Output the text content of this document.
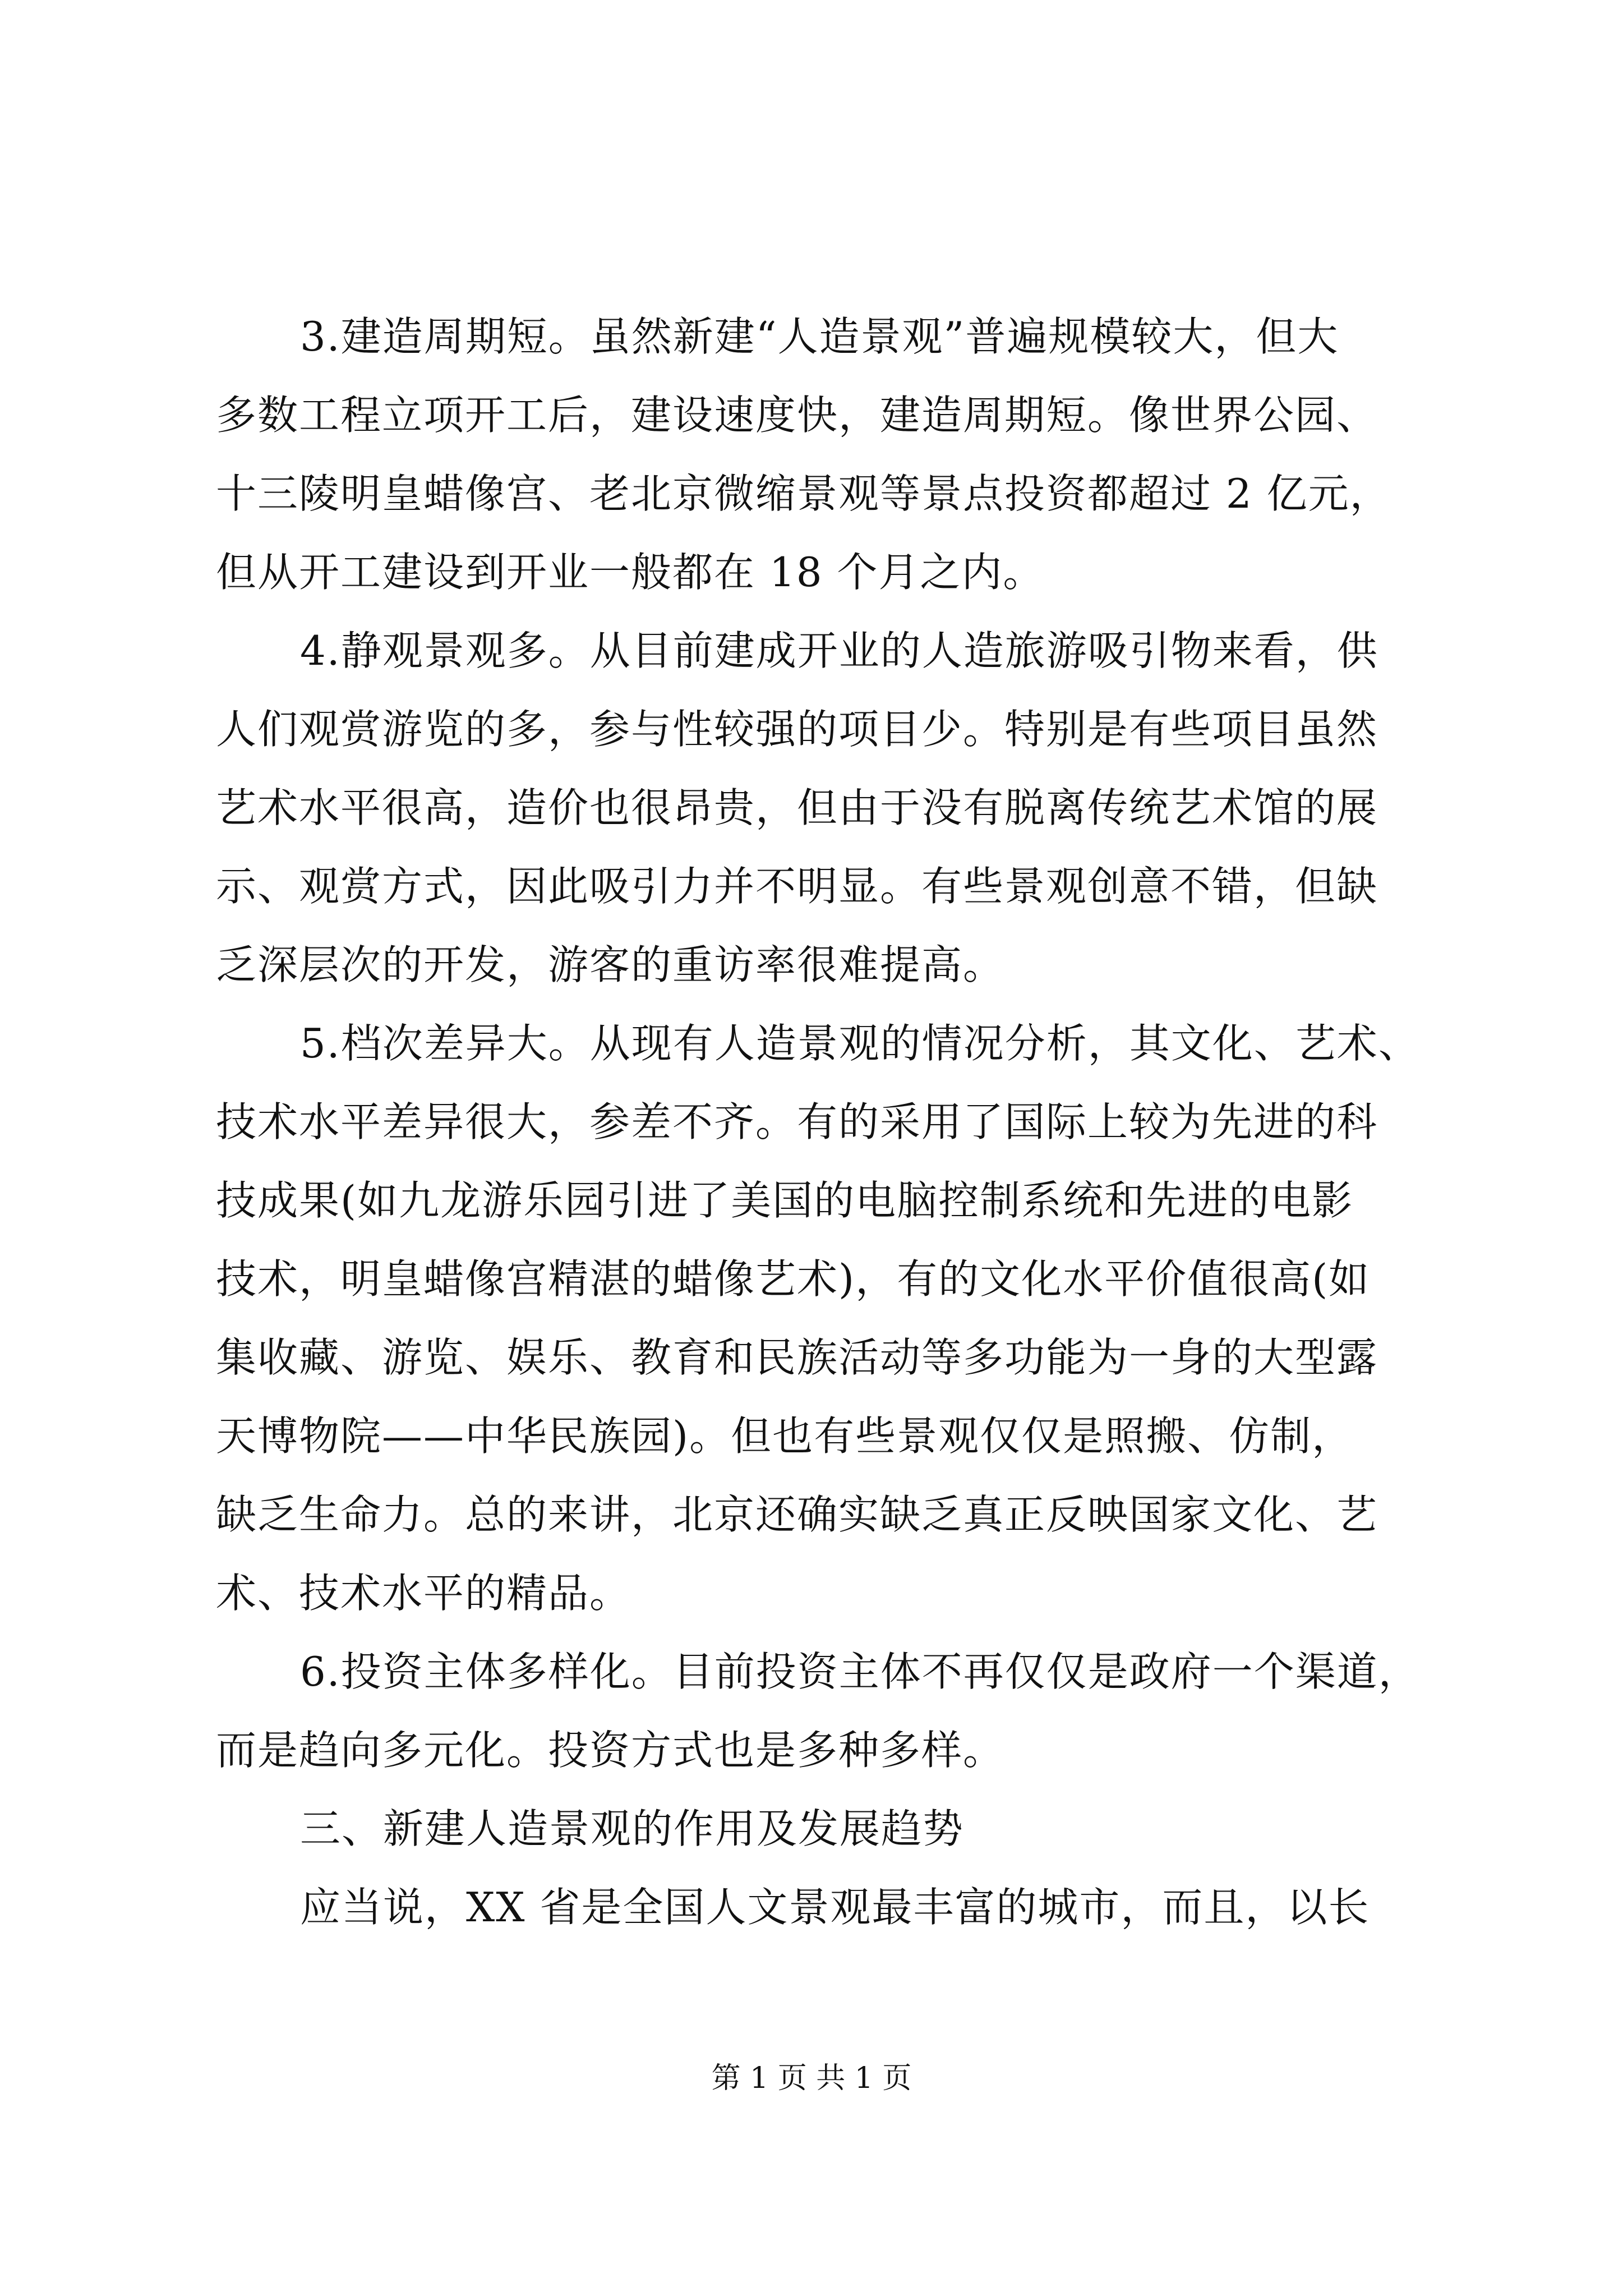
3.建造周期短。虽然新建“人造景观”普遍规模较大，但大
多数工程立项开工后，建设速度快，建造周期短。像世界公园、
十三陵明皇蜡像宫、老北京微缩景观等景点投资都超过 2 亿元，
但从开工建设到开业一般都在 18 个月之内。
4.静观景观多。从目前建成开业的人造旅游吸引物来看，供
人们观赏游览的多，参与性较强的项目少。特别是有些项目虽然
艺术水平很高，造价也很昂贵，但由于没有脱离传统艺术馆的展
示、观赏方式，因此吸引力并不明显。有些景观创意不错，但缺
乏深层次的开发，游客的重访率很难提高。
5.档次差异大。从现有人造景观的情况分析，其文化、艺术、
技术水平差异很大，参差不齐。有的采用了国际上较为先进的科
技成果(如九龙游乐园引进了美国的电脑控制系统和先进的电影
技术，明皇蜡像宫精湛的蜡像艺术)，有的文化水平价值很高(如
集收藏、游览、娱乐、教育和民族活动等多功能为一身的大型露
天博物院——中华民族园)。但也有些景观仅仅是照搬、仿制，
缺乏生命力。总的来讲，北京还确实缺乏真正反映国家文化、艺
术、技术水平的精品。
6.投资主体多样化。目前投资主体不再仅仅是政府一个渠道，
而是趋向多元化。投资方式也是多种多样。
三、新建人造景观的作用及发展趋势
应当说，XX 省是全国人文景观最丰富的城市，而且，以长
第 1 页 共 1 页
